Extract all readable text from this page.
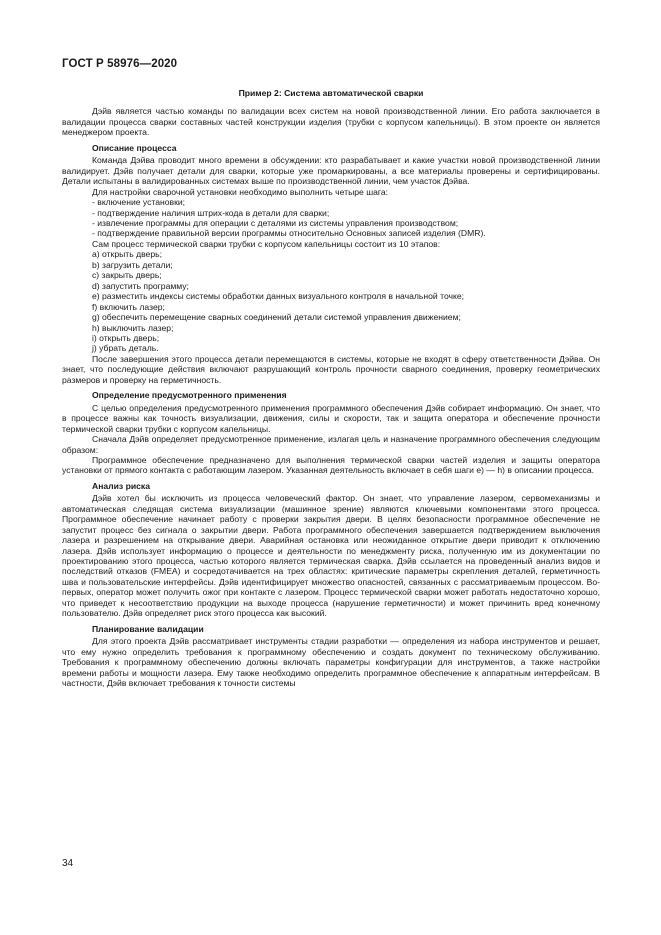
ГОСТ Р 58976—2020
Пример 2: Система автоматической сварки

Дэйв является частью команды по валидации всех систем на новой производственной линии. Его работа заключается в валидации процесса сварки составных частей конструкции изделия (трубки с корпусом капельницы). В этом проекте он является менеджером проекта.

Описание процесса

Команда Дэйва проводит много времени в обсуждении: кто разрабатывает и какие участки новой производственной линии валидирует. Дэйв получает детали для сварки, которые уже промаркированы, а все материалы проверены и сертифицированы. Детали испытаны в валидированных системах выше по производственной линии, чем участок Дэйва.

Для настройки сварочной установки необходимо выполнить четыре шага:

- включение установки;
- подтверждение наличия штрих-кода в детали для сварки;
- извлечение программы для операции с деталями из системы управления производством;
- подтверждение правильной версии программы относительно Основных записей изделия (DMR).

Сам процесс термической сварки трубки с корпусом капельницы состоит из 10 этапов:

a) открыть дверь;
b) загрузить детали;
c) закрыть дверь;
d) запустить программу;
e) разместить индексы системы обработки данных визуального контроля в начальной точке;
f) включить лазер;
g) обеспечить перемещение сварных соединений детали системой управления движением;
h) выключить лазер;
i) открыть дверь;
j) убрать деталь.

После завершения этого процесса детали перемещаются в системы, которые не входят в сферу ответственности Дэйва. Он знает, что последующие действия включают разрушающий контроль прочности сварного соединения, проверку геометрических размеров и проверку на герметичность.

Определение предусмотренного применения

С целью определения предусмотренного применения программного обеспечения Дэйв собирает информацию. Он знает, что в процессе важны как точность визуализации, движения, силы и скорости, так и защита оператора и обеспечение прочности термической сварки трубки с корпусом капельницы.

Сначала Дэйв определяет предусмотренное применение, излагая цель и назначение программного обеспечения следующим образом:

Программное обеспечение предназначено для выполнения термической сварки частей изделия и защиты оператора установки от прямого контакта с работающим лазером. Указанная деятельность включает в себя шаги е) — h) в описании процесса.

Анализ риска

Дэйв хотел бы исключить из процесса человеческий фактор. Он знает, что управление лазером, сервомеханизмы и автоматическая следящая система визуализации (машинное зрение) являются ключевыми компонентами этого процесса. Программное обеспечение начинает работу с проверки закрытия двери. В целях безопасности программное обеспечение не запустит процесс без сигнала о закрытии двери. Работа программного обеспечения завершается подтверждением выключения лазера и разрешением на открывание двери. Аварийная остановка или неожиданное открытие двери приводит к отключению лазера. Дэйв использует информацию о процессе и деятельности по менеджменту риска, полученную им из документации по проектированию этого процесса, частью которого является термическая сварка. Дэйв ссылается на проведенный анализ видов и последствий отказов (FMEA) и сосредотачивается на трех областях: критические параметры скрепления деталей, герметичность шва и пользовательские интерфейсы. Дэйв идентифицирует множество опасностей, связанных с рассматриваемым процессом. Во-первых, оператор может получить ожог при контакте с лазером. Процесс термической сварки может работать недостаточно хорошо, что приведет к несоответствию продукции на выходе процесса (нарушение герметичности) и может причинить вред конечному пользователю. Дэйв определяет риск этого процесса как высокий.

Планирование валидации

Для этого проекта Дэйв рассматривает инструменты стадии разработки — определения из набора инструментов и решает, что ему нужно определить требования к программному обеспечению и создать документ по техническому обслуживанию. Требования к программному обеспечению должны включать параметры конфигурации для инструментов, а также настройки времени работы и мощности лазера. Ему также необходимо определить программное обеспечение к аппаратным интерфейсам. В частности, Дэйв включает требования к точности системы

34
